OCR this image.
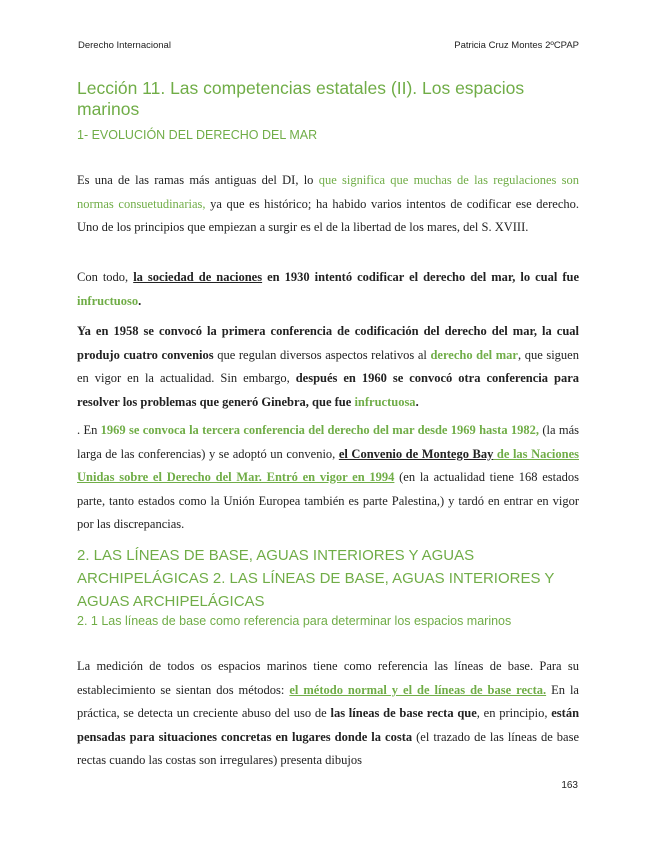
Derecho Internacional	Patricia Cruz Montes 2ºCPAP
Lección 11. Las competencias estatales (II). Los espacios marinos
1- EVOLUCIÓN DEL DERECHO DEL MAR
Es una de las ramas más antiguas del DI, lo que significa que muchas de las regulaciones son normas consuetudinarias, ya que es histórico; ha habido varios intentos de codificar ese derecho. Uno de los principios que empiezan a surgir es el de la libertad de los mares, del S. XVIII.
Con todo, la sociedad de naciones en 1930 intentó codificar el derecho del mar, lo cual fue infructuoso.
Ya en 1958 se convocó la primera conferencia de codificación del derecho del mar, la cual produjo cuatro convenios que regulan diversos aspectos relativos al derecho del mar, que siguen en vigor en la actualidad. Sin embargo, después en 1960 se convocó otra conferencia para resolver los problemas que generó Ginebra, que fue infructuosa.
. En 1969 se convoca la tercera conferencia del derecho del mar desde 1969 hasta 1982, (la más larga de las conferencias) y se adoptó un convenio, el Convenio de Montego Bay de las Naciones Unidas sobre el Derecho del Mar. Entró en vigor en 1994 (en la actualidad tiene 168 estados parte, tanto estados como la Unión Europea también es parte Palestina,) y tardó en entrar en vigor por las discrepancias.
2. LAS LÍNEAS DE BASE, AGUAS INTERIORES Y AGUAS ARCHIPELÁGICAS 2. LAS LÍNEAS DE BASE, AGUAS INTERIORES Y AGUAS ARCHIPELÁGICAS
2. 1 Las líneas de base como referencia para determinar los espacios marinos
La medición de todos os espacios marinos tiene como referencia las líneas de base. Para su establecimiento se sientan dos métodos: el método normal y el de líneas de base recta. En la práctica, se detecta un creciente abuso del uso de las líneas de base recta que, en principio, están pensadas para situaciones concretas en lugares donde la costa (el trazado de las líneas de base rectas cuando las costas son irregulares) presenta dibujos
163
